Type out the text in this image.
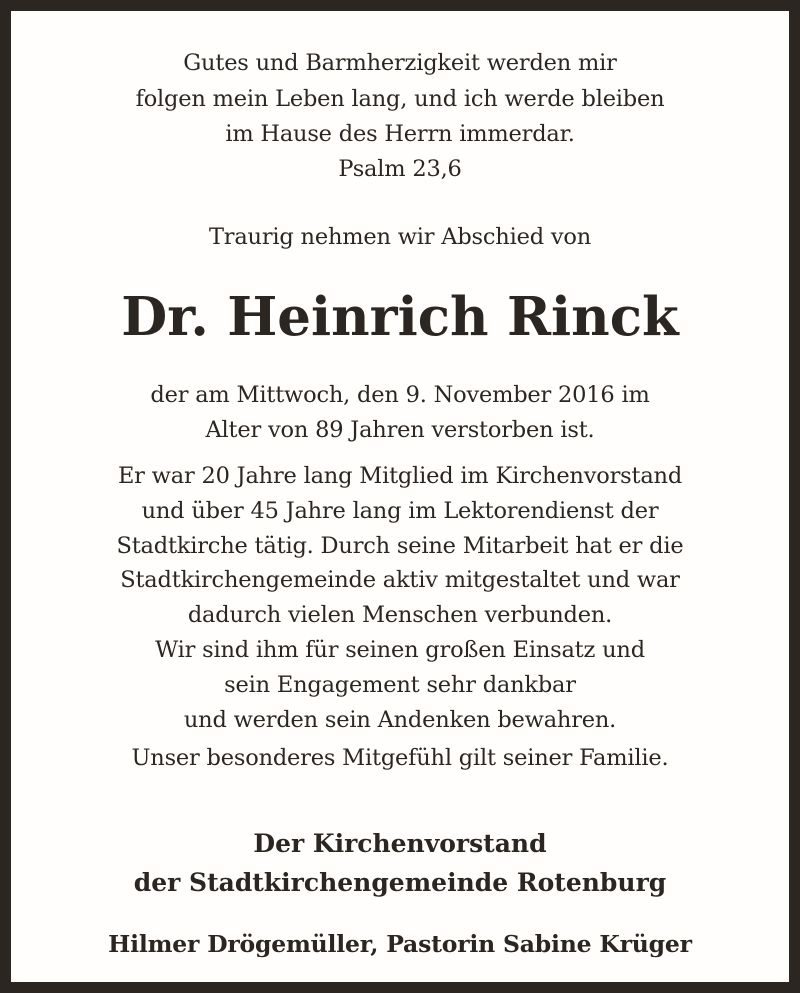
Gutes und Barmherzigkeit werden mir
folgen mein Leben lang, und ich werde bleiben
im Hause des Herrn immerdar.
Psalm 23,6
Traurig nehmen wir Abschied von
Dr. Heinrich Rinck
der am Mittwoch, den 9. November 2016 im
Alter von 89 Jahren verstorben ist.
Er war 20 Jahre lang Mitglied im Kirchenvorstand
und über 45 Jahre lang im Lektorendienst der
Stadtkirche tätig. Durch seine Mitarbeit hat er die
Stadtkirchengemeinde aktiv mitgestaltet und war
dadurch vielen Menschen verbunden.
Wir sind ihm für seinen großen Einsatz und
sein Engagement sehr dankbar
und werden sein Andenken bewahren.
Unser besonderes Mitgefühl gilt seiner Familie.
Der Kirchenvorstand
der Stadtkirchengemeinde Rotenburg
Hilmer Drögemüller, Pastorin Sabine Krüger
